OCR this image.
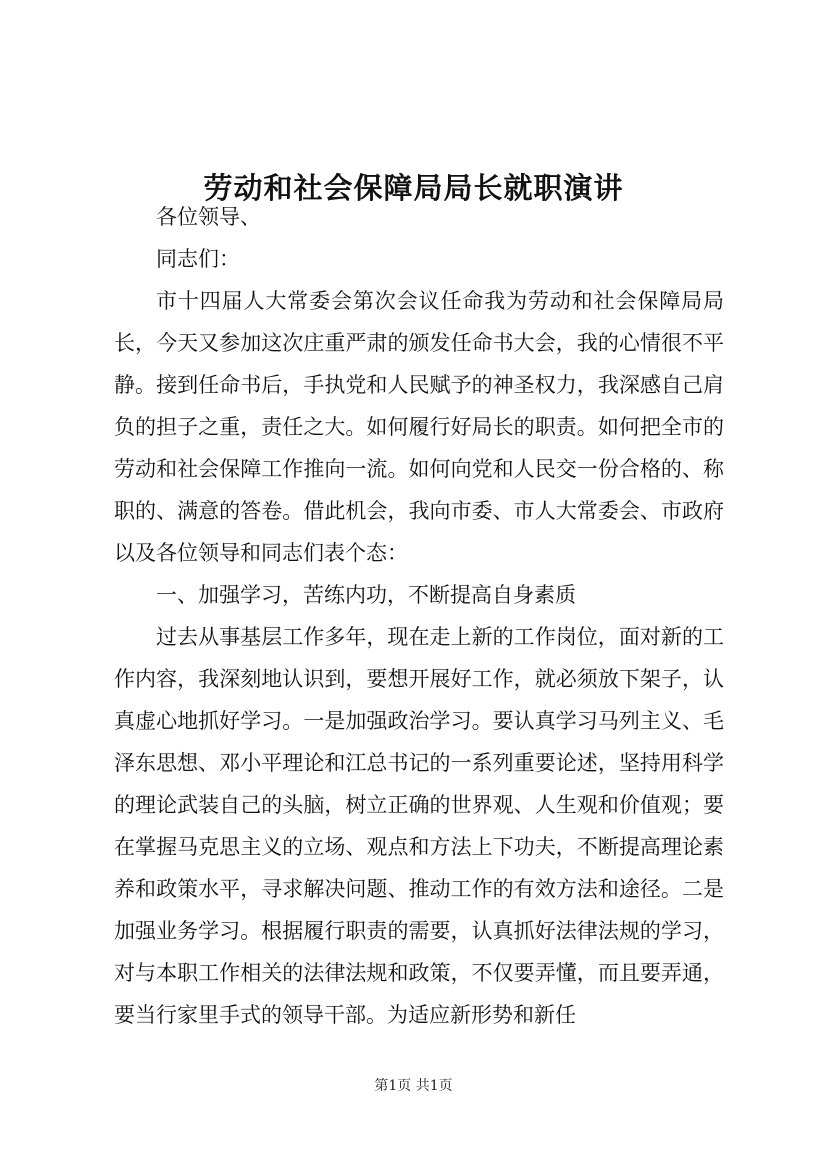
劳动和社会保障局局长就职演讲

各位领导、

同志们：

市十四届人大常委会第次会议任命我为劳动和社会保障局局长，今天又参加这次庄重严肃的颁发任命书大会，我的心情很不平静。接到任命书后，手执党和人民赋予的神圣权力，我深感自己肩负的担子之重，责任之大。如何履行好局长的职责。如何把全市的劳动和社会保障工作推向一流。如何向党和人民交一份合格的、称职的、满意的答卷。借此机会，我向市委、市人大常委会、市政府以及各位领导和同志们表个态：

一、加强学习，苦练内功，不断提高自身素质

过去从事基层工作多年，现在走上新的工作岗位，面对新的工作内容，我深刻地认识到，要想开展好工作，就必须放下架子，认真虚心地抓好学习。一是加强政治学习。要认真学习马列主义、毛泽东思想、邓小平理论和江总书记的一系列重要论述，坚持用科学的理论武装自己的头脑，树立正确的世界观、人生观和价值观；要在掌握马克思主义的立场、观点和方法上下功夫，不断提高理论素养和政策水平，寻求解决问题、推动工作的有效方法和途径。二是加强业务学习。根据履行职责的需要，认真抓好法律法规的学习，对与本职工作相关的法律法规和政策，不仅要弄懂，而且要弄通，要当行家里手式的领导干部。为适应新形势和新任

第1页 共1页
